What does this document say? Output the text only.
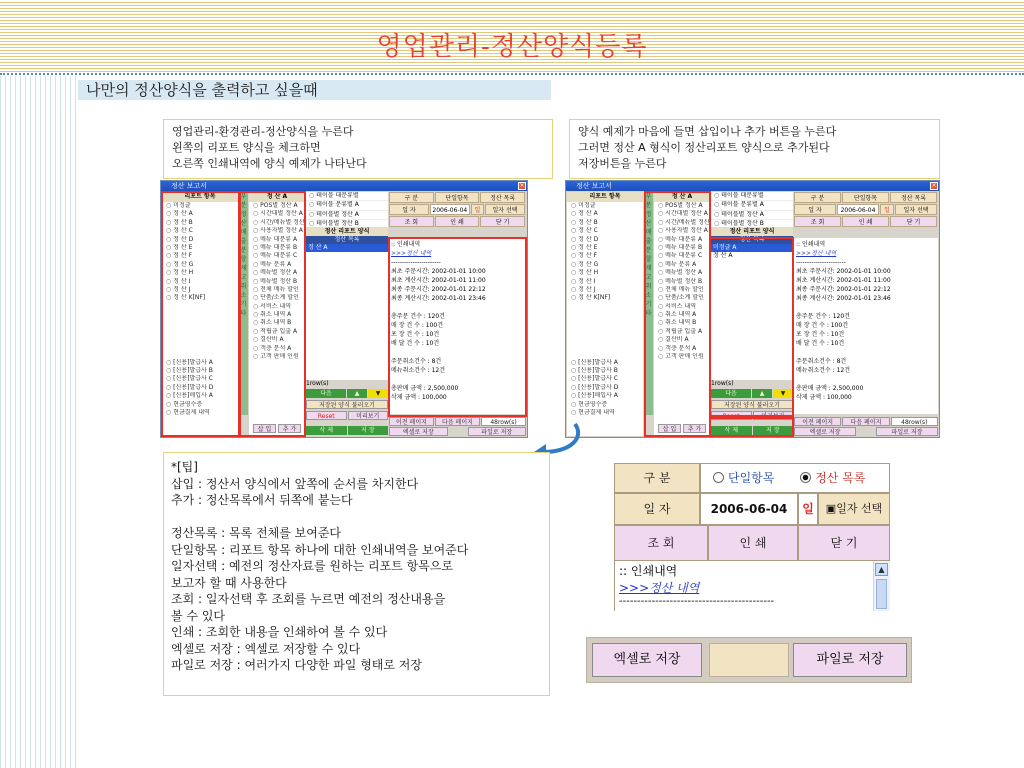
영업관리-정산양식등록
나만의 정산양식을 출력하고 싶을때
영업관리-환경관리-정산양식을 누른다
왼쪽의 리포트 양식을 체크하면
오른쪽 인쇄내역에 양식 예제가 나타난다
양식 예제가 마음에 들면 삽입이나 추가 버튼을 누른다
그러면 정산 A 형식이 정산리포트 양식으로 추가된다
저장버튼을 누른다
정산 보고서	×
리포트 항목
○ 미정글
○ 정 산 A
○ 정 산 B
○ 정 산 C
○ 정 산 D
○ 정 산 E
○ 정 산 F
○ 정 산 G
○ 정 산 H
○ 정 산 I
○ 정 산 J
○ 정 산 K[NF]
○ [신용]발급사 A
○ [신용]발급사 B
○ [신용]발급사 C
○ [신용]발급사 D
○ [신용]매입사 A
○ 현금영수증
○ 현금결제 내역
부분정산매출분할재고취소기타
정 산 A
○ POS별 정산 A
○ 시간대별 정산 A
○ 시간/메뉴별 정산
○ 사용자별 정산 A
○ 메뉴 대분류 A
○ 메뉴 대분류 B
○ 메뉴 대분류 C
○ 메뉴 분류 A
○ 메뉴별 정산 A
○ 메뉴별 정산 B
○ 전체 메뉴 할인
○ 단품/소계 할인
○ 서비스 내역
○ 취소 내역 A
○ 취소 내역 B
○ 적립금 입출 A
○ 결산비 A
○ 객층 분석 A
○ 고객 판매 인원
삽 입	추 가
○ 테이블 대분류별
○ 테이블 분류별 A
○ 테이블별 정산 A
○ 테이블별 정산 B
정산 리포트 양식
정산 목록
정 산 A
1row(s)
다음	▲	▼
저장된 양식 불러오기
Reset	미리보기
삭 제	저 장
구 분	단일항목	정산 목록
일 자	2006-06-04	일	일자 선택
조 회	인 쇄	닫 기
:: 인쇄내역
>>>정산 내역
-----------------------
최초 주문시간: 2002-01-01 10:00
최초 계산시간: 2002-01-01 11:00
최종 주문시간: 2002-01-01 22:12
최종 계산시간: 2002-01-01 23:46

총주문 건수 : 120건
매 장 건 수 : 100건
포 장 건 수 : 10건
배 달 건 수 : 10건

주문취소건수 : 8건
메뉴취소건수 : 12건

총판매 금액 : 2,500,000
삭제 금액 : 100,000
이전 페이지	다음 페이지	48row(s)
엑셀로 저장	파일로 저장
정산 보고서	×
리포트 항목
○ 미정글
○ 정 산 A
○ 정 산 B
○ 정 산 C
○ 정 산 D
○ 정 산 E
○ 정 산 F
○ 정 산 G
○ 정 산 H
○ 정 산 I
○ 정 산 J
○ 정 산 K[NF]
○ [신용]발급사 A
○ [신용]발급사 B
○ [신용]발급사 C
○ [신용]발급사 D
○ [신용]매입사 A
○ 현금영수증
○ 현금결제 내역
부분정산매출분할재고취소기타
정 산 A
○ POS별 정산 A
○ 시간대별 정산 A
○ 시간/메뉴별 정산
○ 사용자별 정산 A
○ 메뉴 대분류 A
○ 메뉴 대분류 B
○ 메뉴 대분류 C
○ 메뉴 분류 A
○ 메뉴별 정산 A
○ 메뉴별 정산 B
○ 전체 메뉴 할인
○ 단품/소계 할인
○ 서비스 내역
○ 취소 내역 A
○ 취소 내역 B
○ 적립금 입출 A
○ 결산비 A
○ 객층 분석 A
○ 고객 판매 인원
삽 입	추 가
○ 테이블 대분류별
○ 테이블 분류별 A
○ 테이블별 정산 A
○ 테이블별 정산 B
정산 리포트 양식
정산 목록
미정글 A
정 산 A
1row(s)
다음	▲	▼
저장된 양식 불러오기
Reset	미리보기
삭 제	저 장
구 분	단일항목	정산 목록
일 자	2006-06-04	일	일자 선택
조 회	인 쇄	닫 기
:: 인쇄내역
>>>정산 내역
-----------------------
최초 주문시간: 2002-01-01 10:00
최초 계산시간: 2002-01-01 11:00
최종 주문시간: 2002-01-01 22:12
최종 계산시간: 2002-01-01 23:46

총주문 건수 : 120건
매 장 건 수 : 100건
포 장 건 수 : 10건
배 달 건 수 : 10건

주문취소건수 : 8건
메뉴취소건수 : 12건

총판매 금액 : 2,500,000
삭제 금액 : 100,000
이전 페이지	다음 페이지	48row(s)
엑셀로 저장	파일로 저장
*[팁]
삽입 : 정산서 양식에서 앞쪽에 순서를 차지한다
추가 : 정산목록에서 뒤쪽에 붙는다

정산목록 : 목록 전체를 보여준다
단일항목 : 리포트 항목 하나에 대한 인쇄내역을 보여준다
일자선택 : 예전의 정산자료를 원하는 리포트 항목으로
보고자 할 때 사용한다
조회 : 일자선택 후 조회를 누르면 예전의 정산내용을
볼 수 있다
인쇄 : 조회한 내용을 인쇄하여 볼 수 있다
엑셀로 저장 : 엑셀로 저장할 수 있다
파일로 저장 : 여러가지 다양한 파일 형태로 저장
구 분	단일항목	정산 목록
일 자	2006-06-04	일	▣일자 선택
조 회	인 쇄	닫 기
:: 인쇄내역
>>>정산 내역
-------------------------------------------
▲
엑셀로 저장	파일로 저장
